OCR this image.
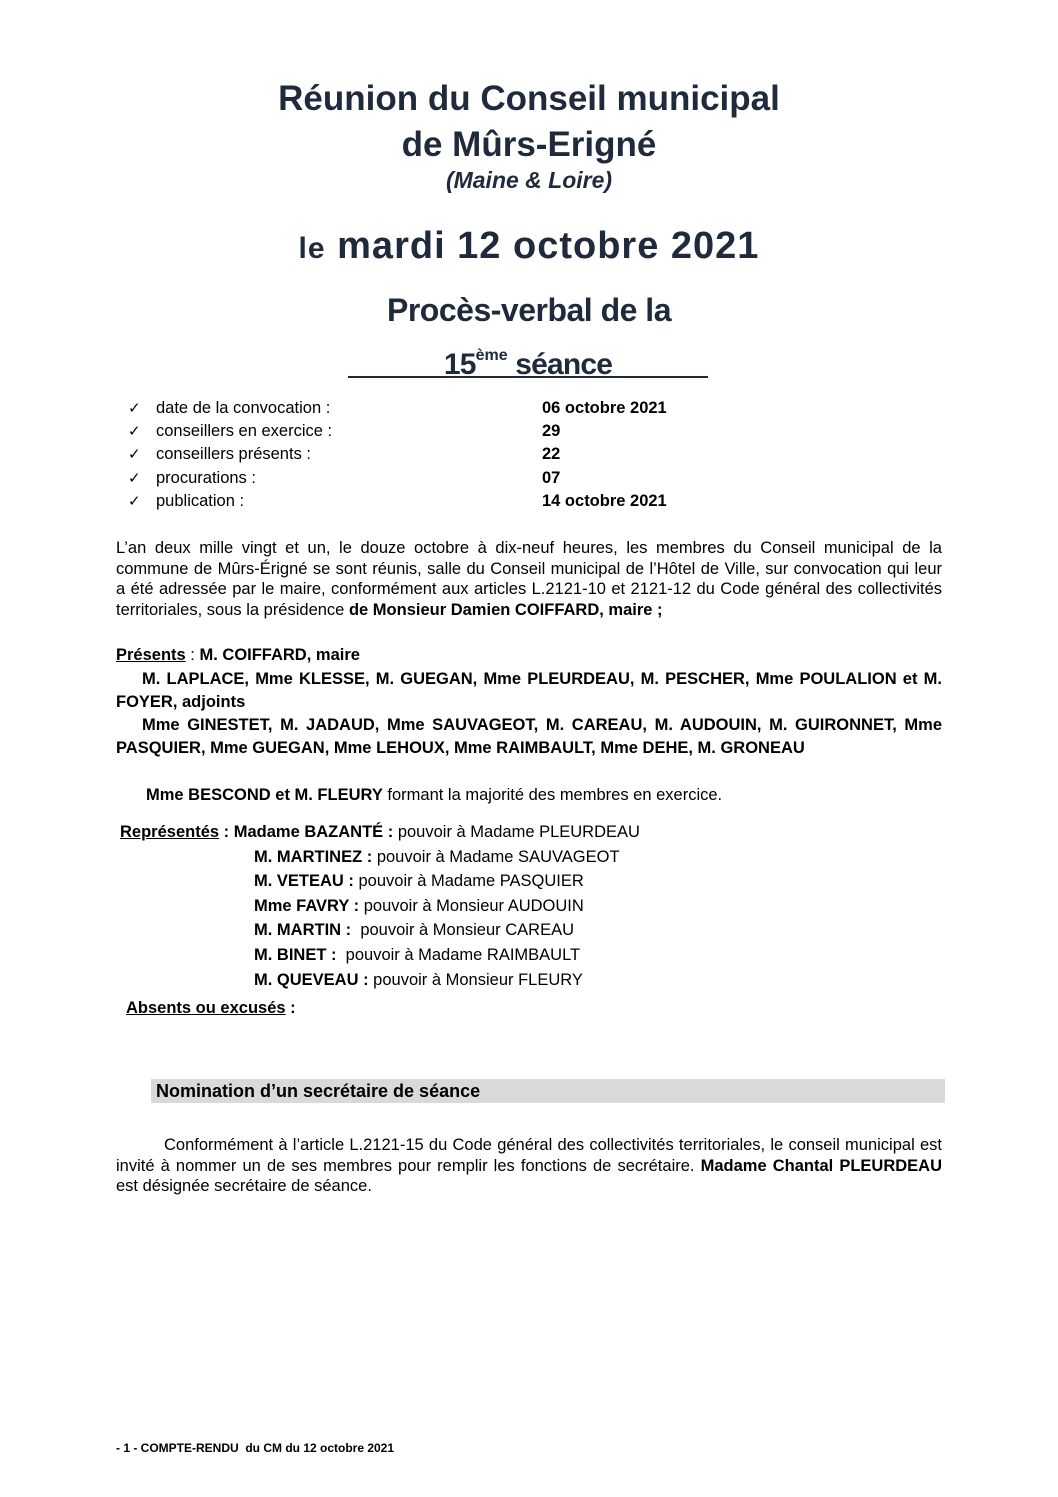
Réunion du Conseil municipal
de Mûrs-Erigné
(Maine & Loire)
le mardi 12 octobre 2021
Procès-verbal de la
15ème séance
✓ date de la convocation :	06 octobre 2021
✓ conseillers en exercice :	29
✓ conseillers présents :	22
✓ procurations :	07
✓ publication :	14 octobre 2021
L’an deux mille vingt et un, le douze octobre à dix-neuf heures, les membres du Conseil municipal de la commune de Mûrs-Érigné se sont réunis, salle du Conseil municipal de l’Hôtel de Ville, sur convocation qui leur a été adressée par le maire, conformément aux articles L.2121-10 et 2121-12 du Code général des collectivités territoriales, sous la présidence de Monsieur Damien COIFFARD, maire ;
Présents : M. COIFFARD, maire
M. LAPLACE, Mme KLESSE, M. GUEGAN, Mme PLEURDEAU, M. PESCHER, Mme POULALION et M. FOYER, adjoints
Mme GINESTET, M. JADAUD, Mme SAUVAGEOT, M. CAREAU, M. AUDOUIN, M. GUIRONNET, Mme PASQUIER, Mme GUEGAN, Mme LEHOUX, Mme RAIMBAULT, Mme DEHE, M. GRONEAU
Mme BESCOND et M. FLEURY formant la majorité des membres en exercice.
Représentés : Madame BAZANTÉ : pouvoir à Madame PLEURDEAU
M. MARTINEZ : pouvoir à Madame SAUVAGEOT
M. VETEAU : pouvoir à Madame PASQUIER
Mme FAVRY : pouvoir à Monsieur AUDOUIN
M. MARTIN :  pouvoir à Monsieur CAREAU
M. BINET :  pouvoir à Madame RAIMBAULT
M. QUEVEAU : pouvoir à Monsieur FLEURY
Absents ou excusés :
Nomination d’un secrétaire de séance
Conformément à l’article L.2121-15 du Code général des collectivités territoriales, le conseil municipal est invité à nommer un de ses membres pour remplir les fonctions de secrétaire. Madame Chantal PLEURDEAU est désignée secrétaire de séance.
- 1 - COMPTE-RENDU  du CM du 12 octobre 2021
